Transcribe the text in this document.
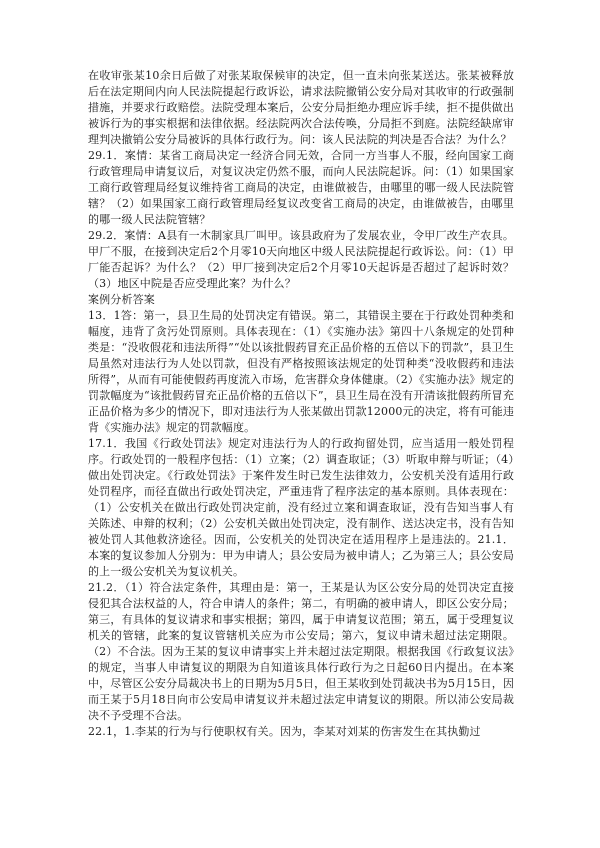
在收审张某10余日后做了对张某取保候审的决定，但一直未向张某送达。张某被释放后在法定期间内向人民法院提起行政诉讼，请求法院撤销公安分局对其收审的行政强制措施，并要求行政赔偿。法院受理本案后，公安分局拒绝办理应诉手续，拒不提供做出被诉行为的事实根据和法律依据。经法院两次合法传唤，分局拒不到庭。法院经缺席审理判决撤销公安分局被诉的具体行政行为。问：该人民法院的判决是否合法？为什么？

29.1．案情：某省工商局决定一经济合同无效，合同一方当事人不服，经向国家工商行政管理局申请复议后，对复议决定仍然不服，而向人民法院起诉。问：（1）如果国家工商行政管理局经复议维持省工商局的决定，由谁做被告，由哪里的哪一级人民法院管辖？（2）如果国家工商行政管理局经复议改变省工商局的决定，由谁做被告，由哪里的哪一级人民法院管辖？

29.2．案情：A县有一木制家具厂叫甲。该县政府为了发展农业，令甲厂改生产农具。甲厂不服，在接到决定后2个月零10天向地区中级人民法院提起行政诉讼。问：（1）甲厂能否起诉？为什么？（2）甲厂接到决定后2个月零10天起诉是否超过了起诉时效？（3）地区中院是否应受理此案？为什么？

案例分析答案

13．1答：第一，县卫生局的处罚决定有错误。第二，其错误主要在于行政处罚种类和幅度，违背了贪污处罚原则。具体表现在：（1）《实施办法》第四十八条规定的处罚种类是：“没收假花和违法所得”“处以该批假药冒充正品价格的五倍以下的罚款”，县卫生局虽然对违法行为人处以罚款，但没有严格按照该法规定的处罚种类“没收假药和违法所得”，从而有可能使假药再度流入市场，危害群众身体健康。（2）《实施办法》规定的罚款幅度为“该批假药冒充正品价格的五倍以下”，县卫生局在没有开清该批假药所冒充正品价格为多少的情况下，即对违法行为人张某做出罚款12000元的决定，将有可能违背《实施办法》规定的罚款幅度。

17.1．我国《行政处罚法》规定对违法行为人的行政拘留处罚，应当适用一般处罚程序。行政处罚的一般程序包括：（1）立案；（2）调查取证；（3）听取申辩与听证；（4）做出处罚决定。《行政处罚法》于案件发生时已发生法律效力，公安机关没有适用行政处罚程序，而径直做出行政处罚决定，严重违背了程序法定的基本原则。具体表现在：（1）公安机关在做出行政处罚决定前，没有经过立案和调查取证，没有告知当事人有关陈述、申辩的权利；（2）公安机关做出处罚决定，没有制作、送达决定书，没有告知被处罚人其他救济途径。因而，公安机关的处罚决定在适用程序上是违法的。21.1．本案的复议参加人分别为：甲为申请人；县公安局为被申请人；乙为第三人；县公安局的上一级公安机关为复议机关。

21.2．（1）符合法定条件，其理由是：第一，王某是认为区公安分局的处罚决定直接侵犯其合法权益的人，符合申请人的条件；第二，有明确的被申请人，即区公安分局；第三，有具体的复议请求和事实根据；第四，属于申请复议范围；第五，属于受理复议机关的管辖，此案的复议管辖机关应为市公安局；第六，复议申请未超过法定期限。（2）不合法。因为王某的复议申请事实上并未超过法定期限。根据我国《行政复议法》的规定，当事人申请复议的期限为自知道该具体行政行为之日起60日内提出。在本案中，尽管区公安分局裁决书上的日期为5月5日，但王某收到处罚裁决书为5月15日，因而王某于5月18日向市公安局申请复议并未超过法定申请复议的期限。所以沛公安局裁决不予受理不合法。

22.1，1.李某的行为与行使职权有关。因为，李某对刘某的伤害发生在其执勤过
